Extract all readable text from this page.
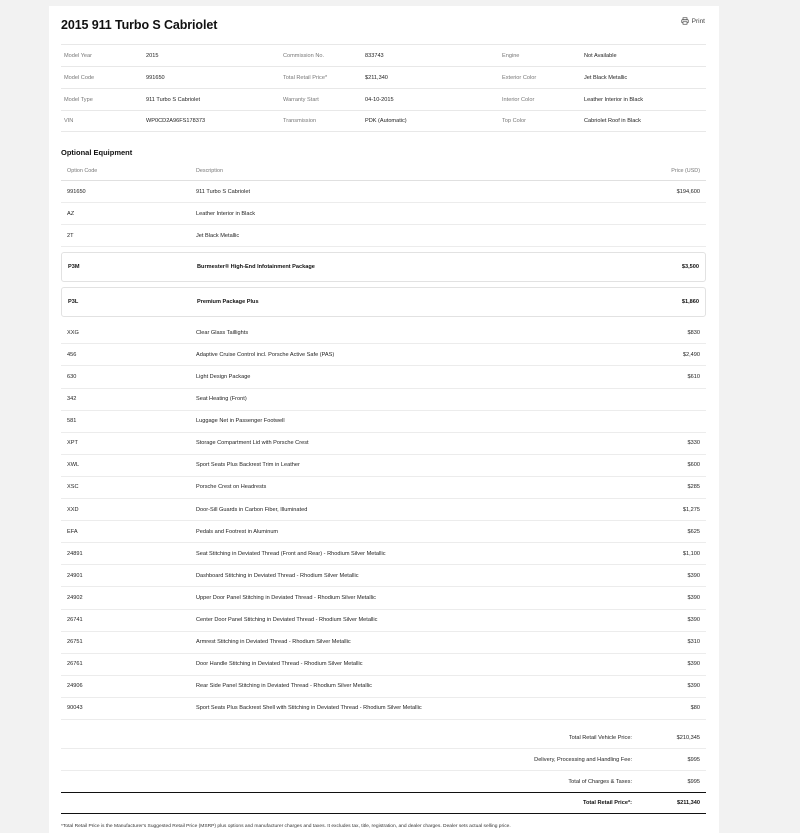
2015 911 Turbo S Cabriolet	Print
Model Year	2015	Commission No.	833743	Engine	Not Available
Model Code	991650	Total Retail Price*	$211,340	Exterior Color	Jet Black Metallic
Model Type	911 Turbo S Cabriolet	Warranty Start	04-10-2015	Interior Color	Leather Interior in Black
VIN	WP0CD2A96FS178373	Transmission	PDK (Automatic)	Top Color	Cabriolet Roof in Black
Optional Equipment
Option Code	Description	Price (USD)
991650	911 Turbo S Cabriolet	$194,600
AZ	Leather Interior in Black
2T	Jet Black Metallic
P3M	Burmester® High-End Infotainment Package	$3,500
P3L	Premium Package Plus	$1,860
XXG	Clear Glass Taillights	$830
456	Adaptive Cruise Control incl. Porsche Active Safe (PAS)	$2,490
630	Light Design Package	$610
342	Seat Heating (Front)
581	Luggage Net in Passenger Footwell
XPT	Storage Compartment Lid with Porsche Crest	$330
XWL	Sport Seats Plus Backrest Trim in Leather	$600
XSC	Porsche Crest on Headrests	$285
XXD	Door-Sill Guards in Carbon Fiber, Illuminated	$1,275
EFA	Pedals and Footrest in Aluminum	$625
24891	Seat Stitching in Deviated Thread (Front and Rear) - Rhodium Silver Metallic	$1,100
24901	Dashboard Stitching in Deviated Thread - Rhodium Silver Metallic	$390
24902	Upper Door Panel Stitching in Deviated Thread - Rhodium Silver Metallic	$390
26741	Center Door Panel Stitching in Deviated Thread - Rhodium Silver Metallic	$390
26751	Armrest Stitching in Deviated Thread - Rhodium Silver Metallic	$310
26761	Door Handle Stitching in Deviated Thread - Rhodium Silver Metallic	$390
24906	Rear Side Panel Stitching in Deviated Thread - Rhodium Silver Metallic	$390
90043	Sport Seats Plus Backrest Shell with Stitching in Deviated Thread - Rhodium Silver Metallic	$80
Total Retail Vehicle Price:	$210,345
Delivery, Processing and Handling Fee:	$995
Total of Charges & Taxes:	$995
Total Retail Price*:	$211,340
*Total Retail Price is the Manufacturer's Suggested Retail Price (MSRP) plus options and manufacturer charges and taxes. It excludes tax, title, registration, and dealer charges. Dealer sets actual selling price.
